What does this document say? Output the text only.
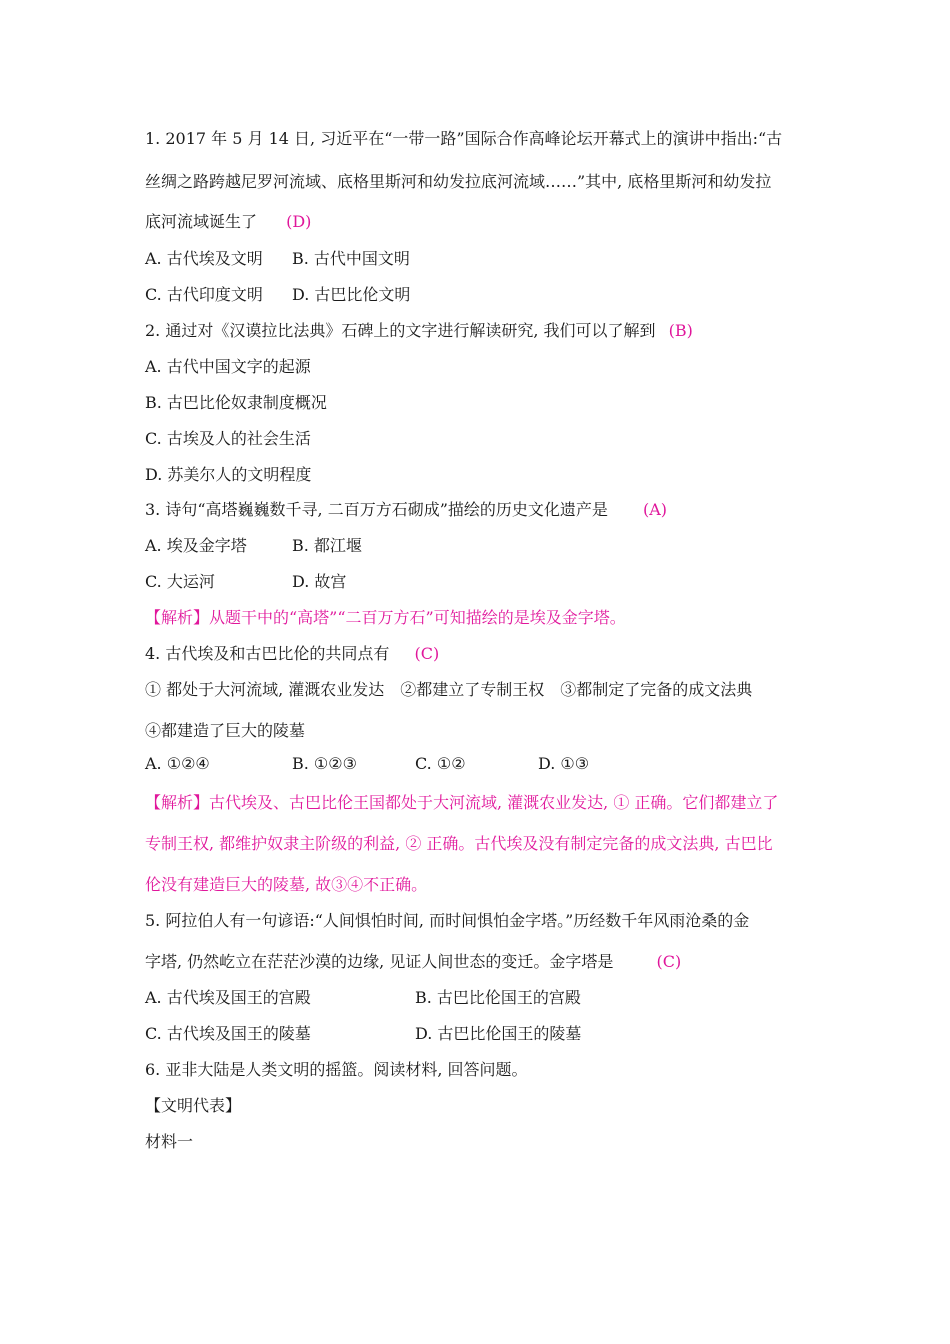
1. 2017 年 5 月 14 日, 习近平在“一带一路”国际合作高峰论坛开幕式上的演讲中指出:“古
丝绸之路跨越尼罗河流域、底格里斯河和幼发拉底河流域……”其中, 底格里斯河和幼发拉
底河流域诞生了 (D)
A. 古代埃及文明 B. 古代中国文明
C. 古代印度文明 D. 古巴比伦文明
2. 通过对《汉谟拉比法典》石碑上的文字进行解读研究, 我们可以了解到 (B)
A. 古代中国文字的起源
B. 古巴比伦奴隶制度概况
C. 古埃及人的社会生活
D. 苏美尔人的文明程度
3. 诗句“高塔巍巍数千寻, 二百万方石砌成”描绘的历史文化遗产是 (A)
A. 埃及金字塔	B. 都江堰
C. 大运河	D. 故宫
【解析】从题干中的“高塔”“二百万方石”可知描绘的是埃及金字塔。
4. 古代埃及和古巴比伦的共同点有 (C)
① 都处于大河流域, 灌溉农业发达　②都建立了专制王权　③都制定了完备的成文法典
④都建造了巨大的陵墓
A. ①②④	B. ①②③	C. ①②	D. ①③
【解析】古代埃及、古巴比伦王国都处于大河流域, 灌溉农业发达, ① 正确。它们都建立了
专制王权, 都维护奴隶主阶级的利益, ② 正确。古代埃及没有制定完备的成文法典, 古巴比
伦没有建造巨大的陵墓, 故③④不正确。
5. 阿拉伯人有一句谚语:“人间惧怕时间, 而时间惧怕金字塔。”历经数千年风雨沧桑的金
字塔, 仍然屹立在茫茫沙漠的边缘, 见证人间世态的变迁。金字塔是	(C)
A. 古代埃及国王的宫殿	B. 古巴比伦国王的宫殿
C. 古代埃及国王的陵墓	D. 古巴比伦国王的陵墓
6. 亚非大陆是人类文明的摇篮。阅读材料, 回答问题。
【文明代表】
材料一
